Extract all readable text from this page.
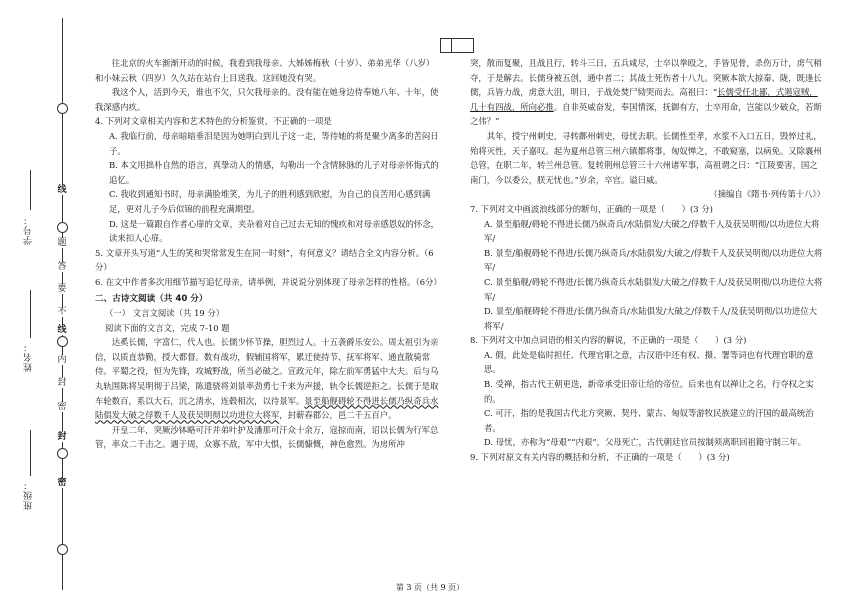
线
题
答
要
不
内
线
封
密
封
密
学号：
姓名：
班级：

往北京的火车渐渐开动的时候，我看到我母亲、大姊姊梅秋（十岁）、弟弟光华（八岁）和小妹云秋（四岁）久久站在站台上目送我。这回她没有哭。

我这个人，活到今天，谁也不欠，只欠我母亲的。没有能在她身边侍奉她八年、十年，使我深感内疚。

4. 下列对文章相关内容和艺术特色的分析鉴赏，不正确的一项是

A. 我临行前，母亲暗暗垂泪是因为她明白到儿子这一走，等待她的将是聚少离多的苦闷日子。

B. 本文用拙朴自然的语言，真挚动人的情感，勾勒出一个含情脉脉的儿子对母亲怀悔式的追忆。

C. 我收到通知书时，母亲满脸堆笑，为儿子的胜利感到欣慰，为自己的良苦用心感到满足，更对儿子今后似锦的前程充满期望。

D. 这是一篇跟自作者心扉的文章，夹杂着对自己过去无知的愧疚和对母亲感恩奴的怀念，读来扣人心扉。

5. 文章开头写道“人生的笑和哭常常发生在同一时刻”，有何意义？请结合全文内容分析。（6分）

6. 在文中作者多次用细节描写追忆母亲，请举例，并说说分别体现了母亲怎样的性格。（6分）

二、古诗文阅读（共 40 分）

（一） 文言文阅读（共 19 分）

阅读下面的文言文，完成 7-10 题

达奚长儒，字富仁，代人也。长儒少怀节操，胆烈过人。十五袭爵乐安公。周太祖引为亲信，以质直恭勤，授大都督。数有战功，假辅国将军，累迁使持节、抚军将军、通直散骑常侍。平蜀之役，恒为先锋，攻城野战，所当必破之。宣政元年，除左前军勇猛中大夫。后与乌丸轨围陈将吴明彻于吕梁，陈遣骁将刘景率劲勇七千来为声援，轨令长儒逆拒之。长儒于是取车轮数百，系以大石，沉之清水，连毂相次，以待景军。景至船舰碍轮不得进长儒乃纵奇兵水陆俱发大破之俘数千人及获吴明彻以功进位大将军，封蕲春郡公，邑二千五百户。

开皇二年，突厥沙钵略可汗并弟叶护及潘那可汗众十余万，寇掠而南，诏以长儒为行军总管，率众二千击之。遇于周，众寡不敌，军中大惧，长儒慷慨，神色愈烈。为房所冲

突，散而复聚，且战且行，转斗三日，五兵咸尽，士卒以拳殴之，手皆见骨，杀伤万计，虏气稍夺，于是解去。长儒身被五创，通中者二；其战士死伤者十八九。突厥本欲大掠秦、陇，既逢长儒，兵皆力战，虏意大沮，明日，于战处焚尸恸哭而去。高祖曰：“长儒受任北鄙，式遏寇贼，几十有四战，所向必推。自非英威奋发，奉国情深，抚御有方，士卒用命，岂能以少破众，若斯之伟？”

其年，授宁州刺史，寻转鄜州刺史，母忧去职。长儒性至孝，水浆不入口五日，毁悴过礼，殆将灭性，天子嘉叹。起为夏州总管三州六镇都将事，匈奴惮之，不敢窥塞，以病免。又除襄州总管，在职二年，转兰州总管。复转荆州总管三十六州诸军事，高祖谓之曰：“江陵要害，国之南门，今以委公，朕无忧也。”岁余，卒官。谥曰威。

（摘编自《隋书·列传第十八》）

7. 下列对文中画波浪线部分的断句，正确的一项是（　　）(3 分)

A. 景至船舰/碍轮不得进长儒乃纵奇兵/水陆俱发/大破之/俘数千人及获吴明彻/以功进位大将军/

B. 景至/船舰碍轮不得进/长儒乃纵奇兵/水陆俱发/大破之/俘数千人及获吴明彻/以功进位大将军/

C. 景至船舰/碍轮不得进/长儒乃纵奇兵水陆俱发/大破之/俘数千人/及获吴明彻/以功进位大将军/

D. 景至/船舰碍轮不得进/长儒乃纵奇兵/水陆俱发/大破之/俘数千人/及获吴明彻/以功进位大将军/

8. 下列对文中加点词语的相关内容的解说，不正确的一项是（　　）(3 分)

A. 假，此处是临时担任、代理官职之意，古汉语中还有权、摄、署等词也有代理官职的意思。

B. 受禅，指古代王朝更迭，新帝承受旧帝让给的帝位。后来也有以禅让之名，行夺权之实的。

C. 可汗，指的是我国古代北方突厥、契丹、蒙古、匈奴等游牧民族建立的汗国的最高统治者。

D. 母忧，亦称为“母艰”“内艰”，父母死亡，古代朝廷官员按制须离职回祖籍守制三年。

9. 下列对原文有关内容的概括和分析，不正确的一项是（　　）(3 分)

第 3 页（共 9 页）
